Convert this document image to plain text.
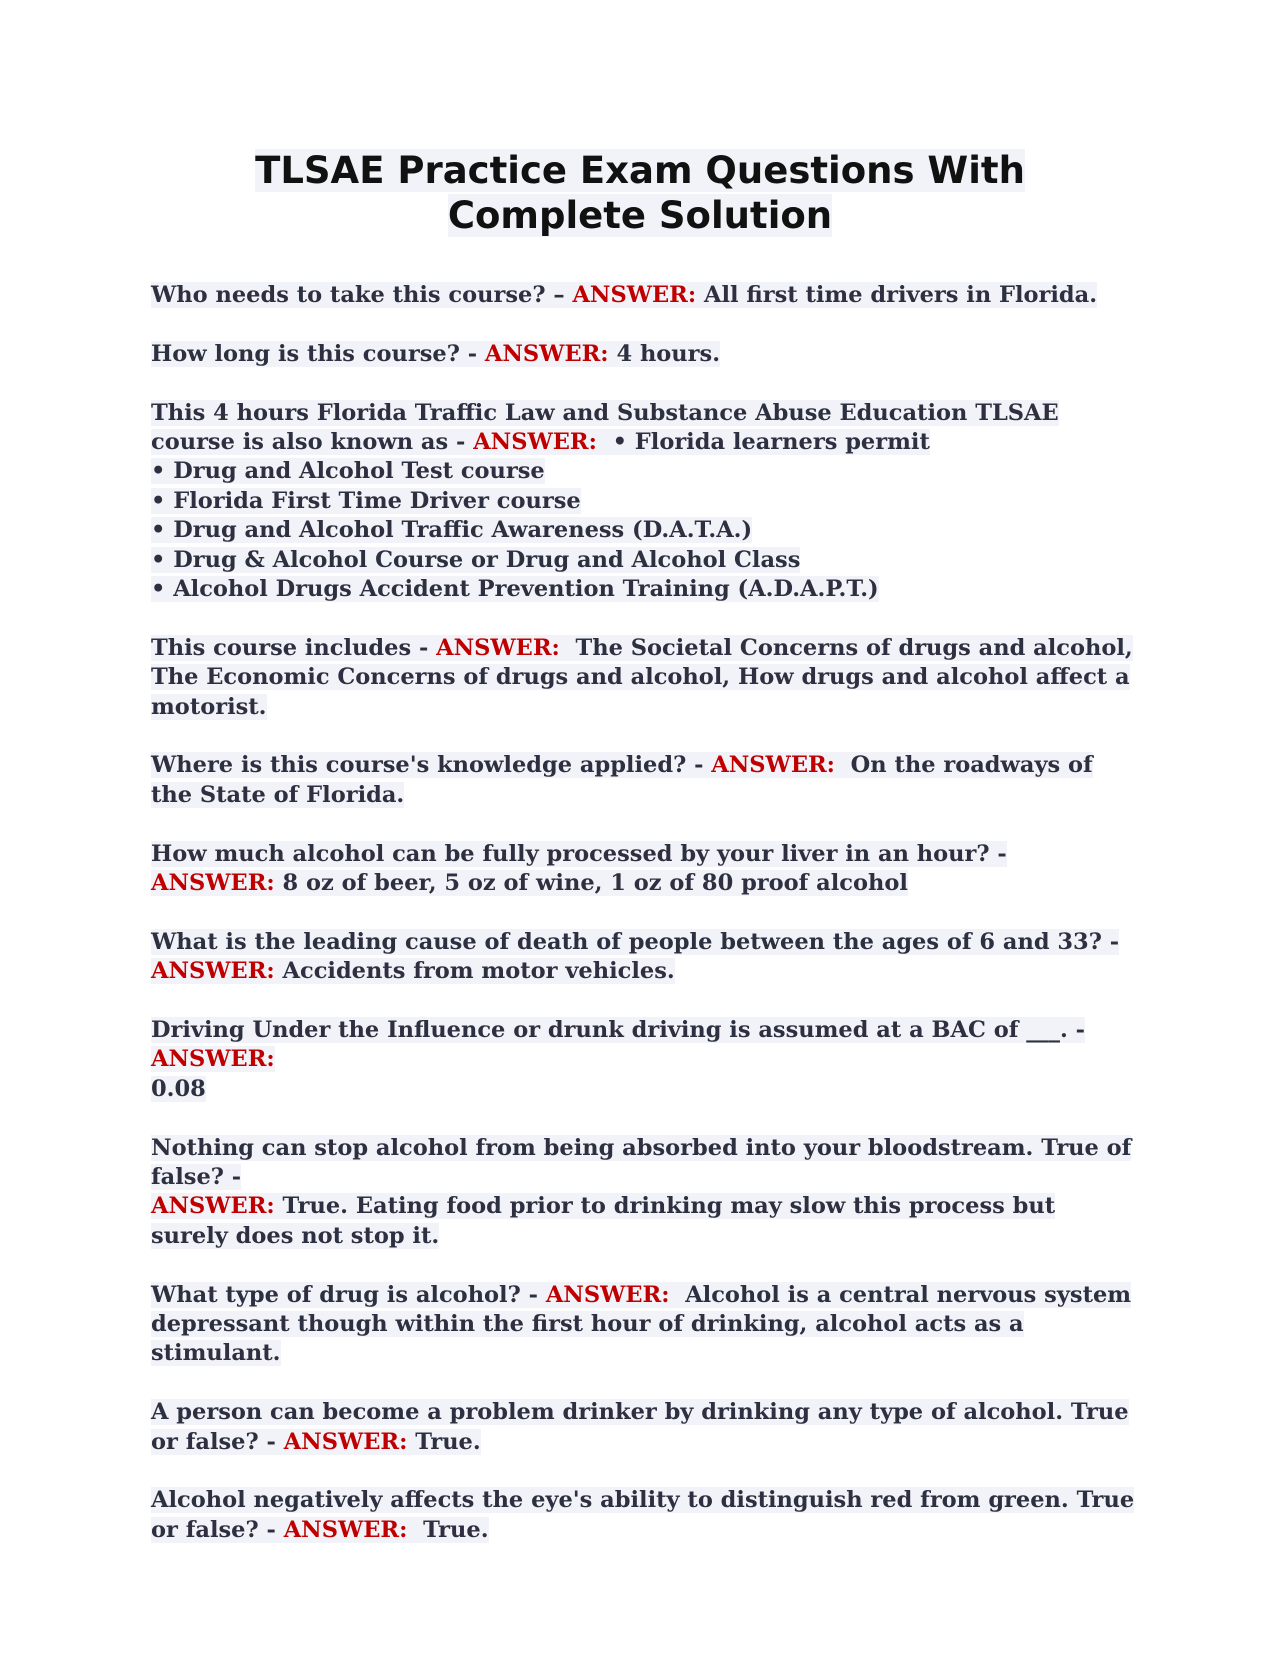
TLSAE Practice Exam Questions With
Complete Solution
Who needs to take this course? – ANSWER: All first time drivers in Florida.
How long is this course? - ANSWER: 4 hours.
This 4 hours Florida Traffic Law and Substance Abuse Education TLSAE course is also known as - ANSWER: • Florida learners permit
• Drug and Alcohol Test course
• Florida First Time Driver course
• Drug and Alcohol Traffic Awareness (D.A.T.A.)
• Drug & Alcohol Course or Drug and Alcohol Class
• Alcohol Drugs Accident Prevention Training (A.D.A.P.T.)
This course includes - ANSWER: The Societal Concerns of drugs and alcohol, The Economic Concerns of drugs and alcohol, How drugs and alcohol affect a motorist.
Where is this course's knowledge applied? - ANSWER: On the roadways of the State of Florida.
How much alcohol can be fully processed by your liver in an hour? - ANSWER: 8 oz of beer, 5 oz of wine, 1 oz of 80 proof alcohol
What is the leading cause of death of people between the ages of 6 and 33? -
ANSWER: Accidents from motor vehicles.
Driving Under the Influence or drunk driving is assumed at a BAC of ___. - ANSWER:
0.08
Nothing can stop alcohol from being absorbed into your bloodstream. True of false? -
ANSWER: True. Eating food prior to drinking may slow this process but surely does not stop it.
What type of drug is alcohol? - ANSWER: Alcohol is a central nervous system depressant though within the first hour of drinking, alcohol acts as a stimulant.
A person can become a problem drinker by drinking any type of alcohol. True or false? - ANSWER: True.
Alcohol negatively affects the eye's ability to distinguish red from green. True or false? - ANSWER: True.
